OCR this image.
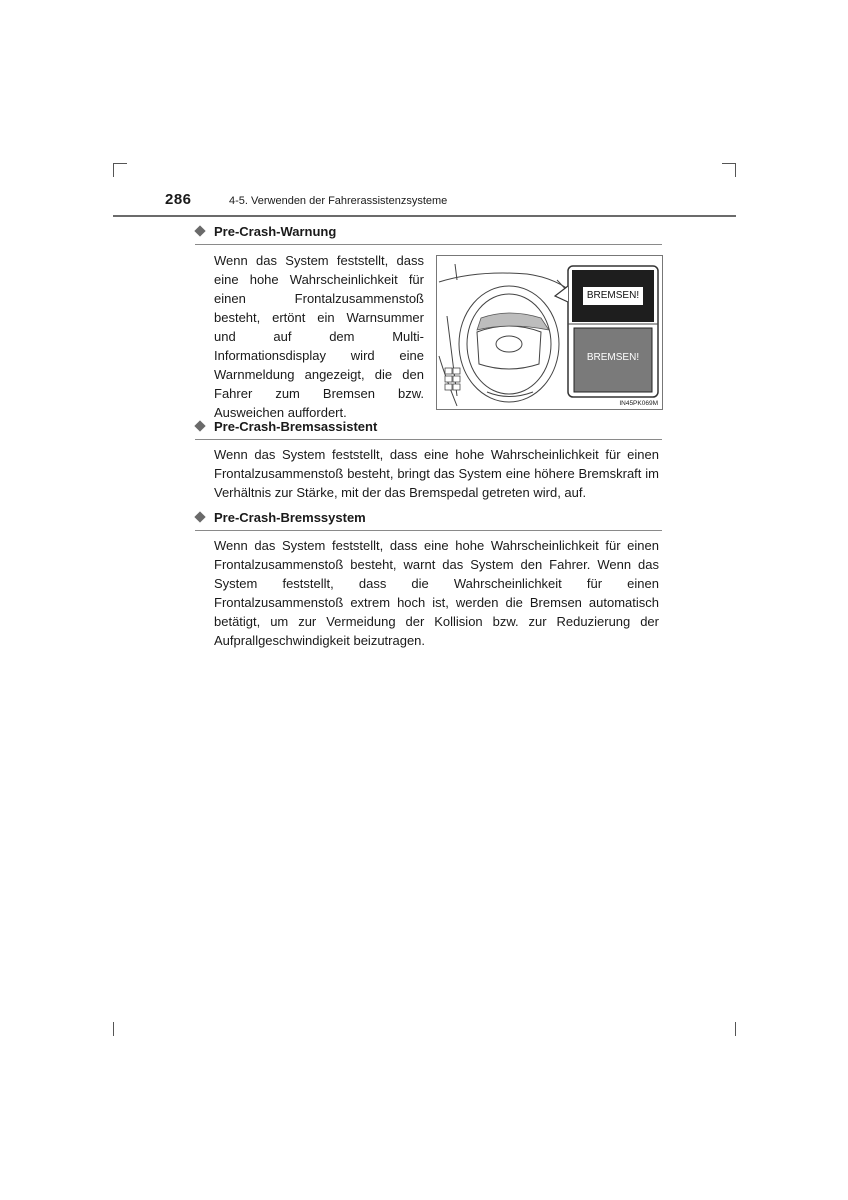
286	4-5. Verwenden der Fahrerassistenzsysteme
Pre-Crash-Warnung
Wenn das System feststellt, dass eine hohe Wahrscheinlichkeit für einen Frontalzusammenstoß besteht, ertönt ein Warnsummer und auf dem Multi-Informationsdisplay wird eine Warnmeldung angezeigt, die den Fahrer zum Bremsen bzw. Ausweichen auffordert.
BREMSEN!
BREMSEN!
IN45PK069M
Pre-Crash-Bremsassistent
Wenn das System feststellt, dass eine hohe Wahrscheinlichkeit für einen Frontalzusammenstoß besteht, bringt das System eine höhere Bremskraft im Verhältnis zur Stärke, mit der das Bremspedal getreten wird, auf.
Pre-Crash-Bremssystem
Wenn das System feststellt, dass eine hohe Wahrscheinlichkeit für einen Frontalzusammenstoß besteht, warnt das System den Fahrer. Wenn das System feststellt, dass die Wahrscheinlichkeit für einen Frontalzusammenstoß extrem hoch ist, werden die Bremsen automatisch betätigt, um zur Vermeidung der Kollision bzw. zur Reduzierung der Aufprallgeschwindigkeit beizutragen.
